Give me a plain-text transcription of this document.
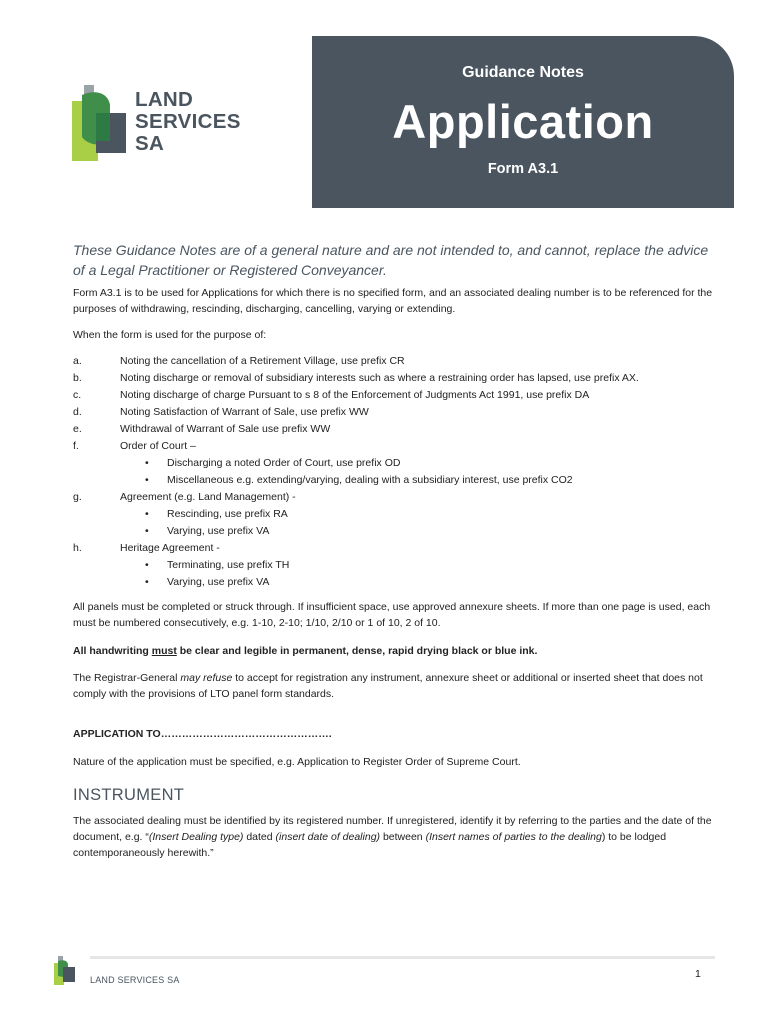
LAND
SERVICES
SA
Guidance Notes
Application
Form A3.1
These Guidance Notes are of a general nature and are not intended to, and cannot, replace the advice of a Legal Practitioner or Registered Conveyancer.
Form A3.1 is to be used for Applications for which there is no specified form, and an associated dealing number is to be referenced for the purposes of withdrawing, rescinding, discharging, cancelling, varying or extending.
When the form is used for the purpose of:
a.	Noting the cancellation of a Retirement Village, use prefix CR
b.	Noting discharge or removal of subsidiary interests such as where a restraining order has lapsed, use prefix AX.
c.	Noting discharge of charge Pursuant to s 8 of the Enforcement of Judgments Act 1991, use prefix DA
d.	Noting Satisfaction of Warrant of Sale, use prefix WW
e.	Withdrawal of Warrant of Sale use prefix WW
f.	Order of Court –
•	Discharging a noted Order of Court, use prefix OD
•	Miscellaneous e.g. extending/varying, dealing with a subsidiary interest, use prefix CO2
g.	Agreement (e.g. Land Management) -
•	Rescinding, use prefix RA
•	Varying, use prefix VA
h.	Heritage Agreement -
•	Terminating, use prefix TH
•	Varying, use prefix VA
All panels must be completed or struck through. If insufficient space, use approved annexure sheets. If more than one page is used, each must be numbered consecutively, e.g. 1-10, 2-10; 1/10, 2/10 or 1 of 10, 2 of 10.
All handwriting must be clear and legible in permanent, dense, rapid drying black or blue ink.
The Registrar-General may refuse to accept for registration any instrument, annexure sheet or additional or inserted sheet that does not comply with the provisions of LTO panel form standards.
APPLICATION TO………………………………………….
Nature of the application must be specified, e.g. Application to Register Order of Supreme Court.
INSTRUMENT
The associated dealing must be identified by its registered number. If unregistered, identify it by referring to the parties and the date of the document, e.g. “(Insert Dealing type) dated (insert date of dealing) between (Insert names of parties to the dealing) to be lodged contemporaneously herewith.”
LAND SERVICES SA	1
